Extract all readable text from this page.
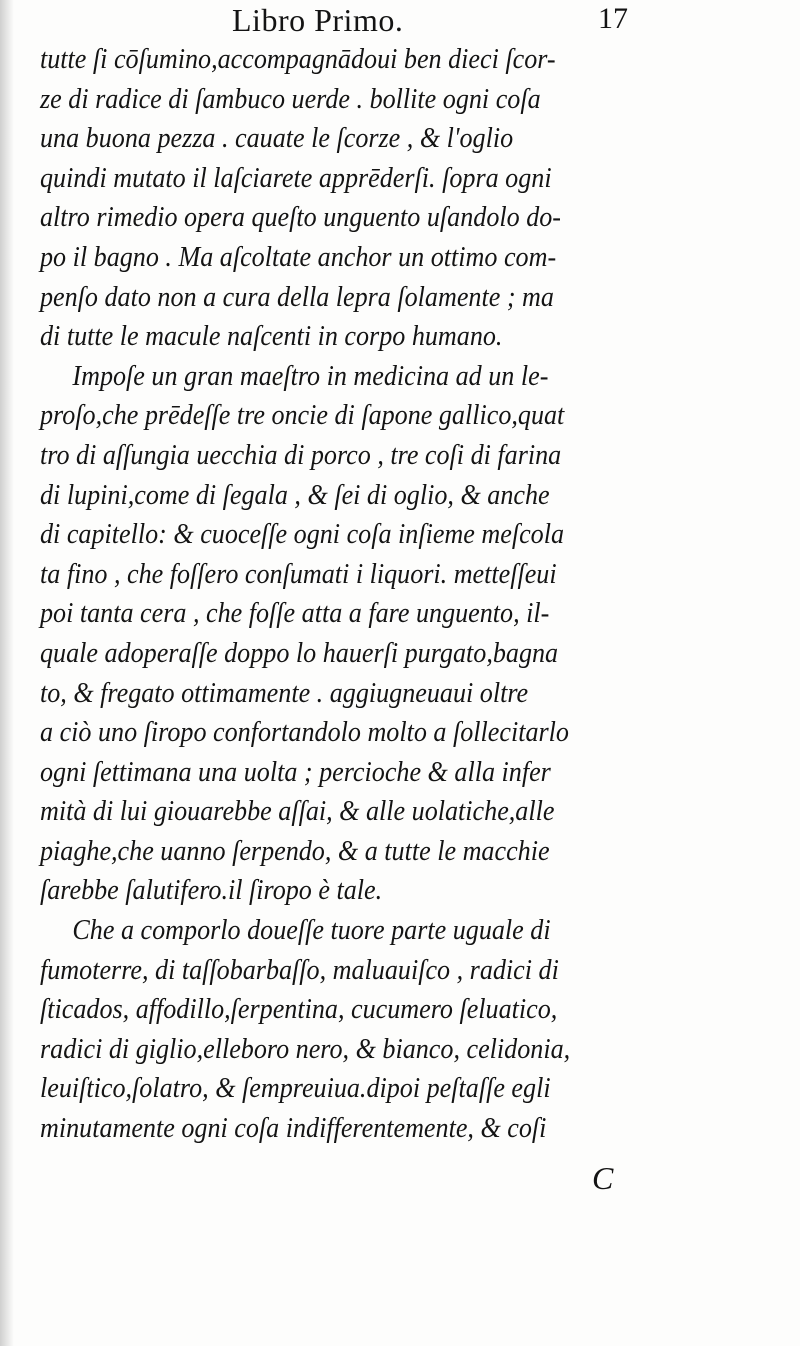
Libro Primo.	17
tutte ſi cōſumino,accompagnādoui ben dieci ſcor-
ze di radice di ſambuco uerde . bollite ogni coſa
una buona pezza . cauate le ſcorze , & l'oglio
quindi mutato il laſciarete apprēderſi. ſopra ogni
altro rimedio opera queſto unguento uſandolo do-
po il bagno . Ma aſcoltate anchor un ottimo com-
penſo dato non a cura della lepra ſolamente ; ma
di tutte le macule naſcenti in corpo humano.
Impoſe un gran maeſtro in medicina ad un le-
proſo,che prēdeſſe tre oncie di ſapone gallico,quat
tro di aſſungia uecchia di porco , tre coſi di farina
di lupini,come di ſegala , & ſei di oglio, & anche
di capitello: & cuoceſſe ogni coſa inſieme meſcola
ta fino , che foſſero conſumati i liquori. metteſſeui
poi tanta cera , che foſſe atta a fare unguento, il-
quale adoperaſſe doppo lo hauerſi purgato,bagna
to, & fregato ottimamente . aggiugneuaui oltre
a ciò uno ſiropo confortandolo molto a ſollecitarlo
ogni ſettimana una uolta ; percioche & alla infer
mità di lui giouarebbe aſſai, & alle uolatiche,alle
piaghe,che uanno ſerpendo, & a tutte le macchie
ſarebbe ſalutifero.il ſiropo è tale.
Che a comporlo doueſſe tuore parte uguale di
fumoterre, di taſſobarbaſſo, maluauiſco , radici di
ſticados, affodillo,ſerpentina, cucumero ſeluatico,
radici di giglio,elleboro nero, & bianco, celidonia,
leuiſtico,ſolatro, & ſempreuiua.dipoi peſtaſſe egli
minutamente ogni coſa indifferentemente, & coſi
C
